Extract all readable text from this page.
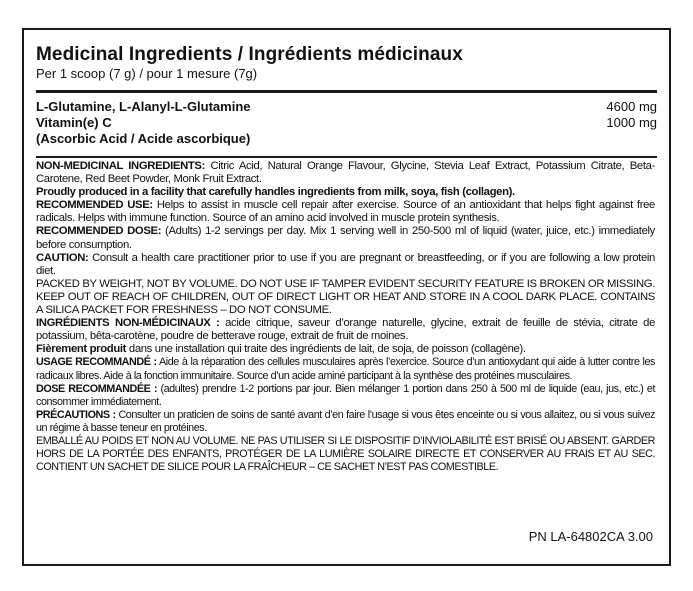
Medicinal Ingredients / Ingrédients médicinaux
Per 1 scoop (7 g) / pour 1 mesure (7g)
L-Glutamine, L-Alanyl-L-Glutamine	4600 mg
Vitamin(e) C	1000 mg
(Ascorbic Acid / Acide ascorbique)

NON-MEDICINAL INGREDIENTS: Citric Acid, Natural Orange Flavour, Glycine, Stevia Leaf Extract, Potassium Citrate, Beta-Carotene, Red Beet Powder, Monk Fruit Extract.

Proudly produced in a facility that carefully handles ingredients from milk, soya, fish (collagen).

RECOMMENDED USE: Helps to assist in muscle cell repair after exercise. Source of an antioxidant that helps fight against free radicals. Helps with immune function. Source of an amino acid involved in muscle protein synthesis.

RECOMMENDED DOSE: (Adults) 1-2 servings per day. Mix 1 serving well in 250-500 ml of liquid (water, juice, etc.) immediately before consumption.

CAUTION: Consult a health care practitioner prior to use if you are pregnant or breastfeeding, or if you are following a low protein diet.

PACKED BY WEIGHT, NOT BY VOLUME. DO NOT USE IF TAMPER EVIDENT SECURITY FEATURE IS BROKEN OR MISSING. KEEP OUT OF REACH OF CHILDREN, OUT OF DIRECT LIGHT OR HEAT AND STORE IN A COOL DARK PLACE. CONTAINS A SILICA PACKET FOR FRESHNESS – DO NOT CONSUME.

INGRÉDIENTS NON-MÉDICINAUX : acide citrique, saveur d’orange naturelle, glycine, extrait de feuille de stévia, citrate de potassium, bêta-carotène, poudre de betterave rouge, extrait de fruit de moines.

Fièrement produit dans une installation qui traite des ingrédients de lait, de soja, de poisson (collagène).

USAGE RECOMMANDÉ : Aide à la réparation des cellules musculaires après l’exercice. Source d’un antioxydant qui aide à lutter contre les radicaux libres. Aide à la fonction immunitaire. Source d’un acide aminé participant à la synthèse des protéines musculaires.

DOSE RECOMMANDÉE : (adultes) prendre 1-2 portions par jour. Bien mélanger 1 portion dans 250 à 500 ml de liquide (eau, jus, etc.) et consommer immédiatement.

PRÉCAUTIONS : Consulter un praticien de soins de santé avant d’en faire l’usage si vous êtes enceinte ou si vous allaitez, ou si vous suivez un régime à basse teneur en protéines.

EMBALLÉ AU POIDS ET NON AU VOLUME. NE PAS UTILISER SI LE DISPOSITIF D’INVIOLABILITÉ EST BRISÉ OU ABSENT. GARDER HORS DE LA PORTÉE DES ENFANTS, PROTÉGER DE LA LUMIÈRE SOLAIRE DIRECTE ET CONSERVER AU FRAIS ET AU SEC. CONTIENT UN SACHET DE SILICE POUR LA FRAÎCHEUR – CE SACHET N’EST PAS COMESTIBLE.

PN LA-64802CA 3.00
